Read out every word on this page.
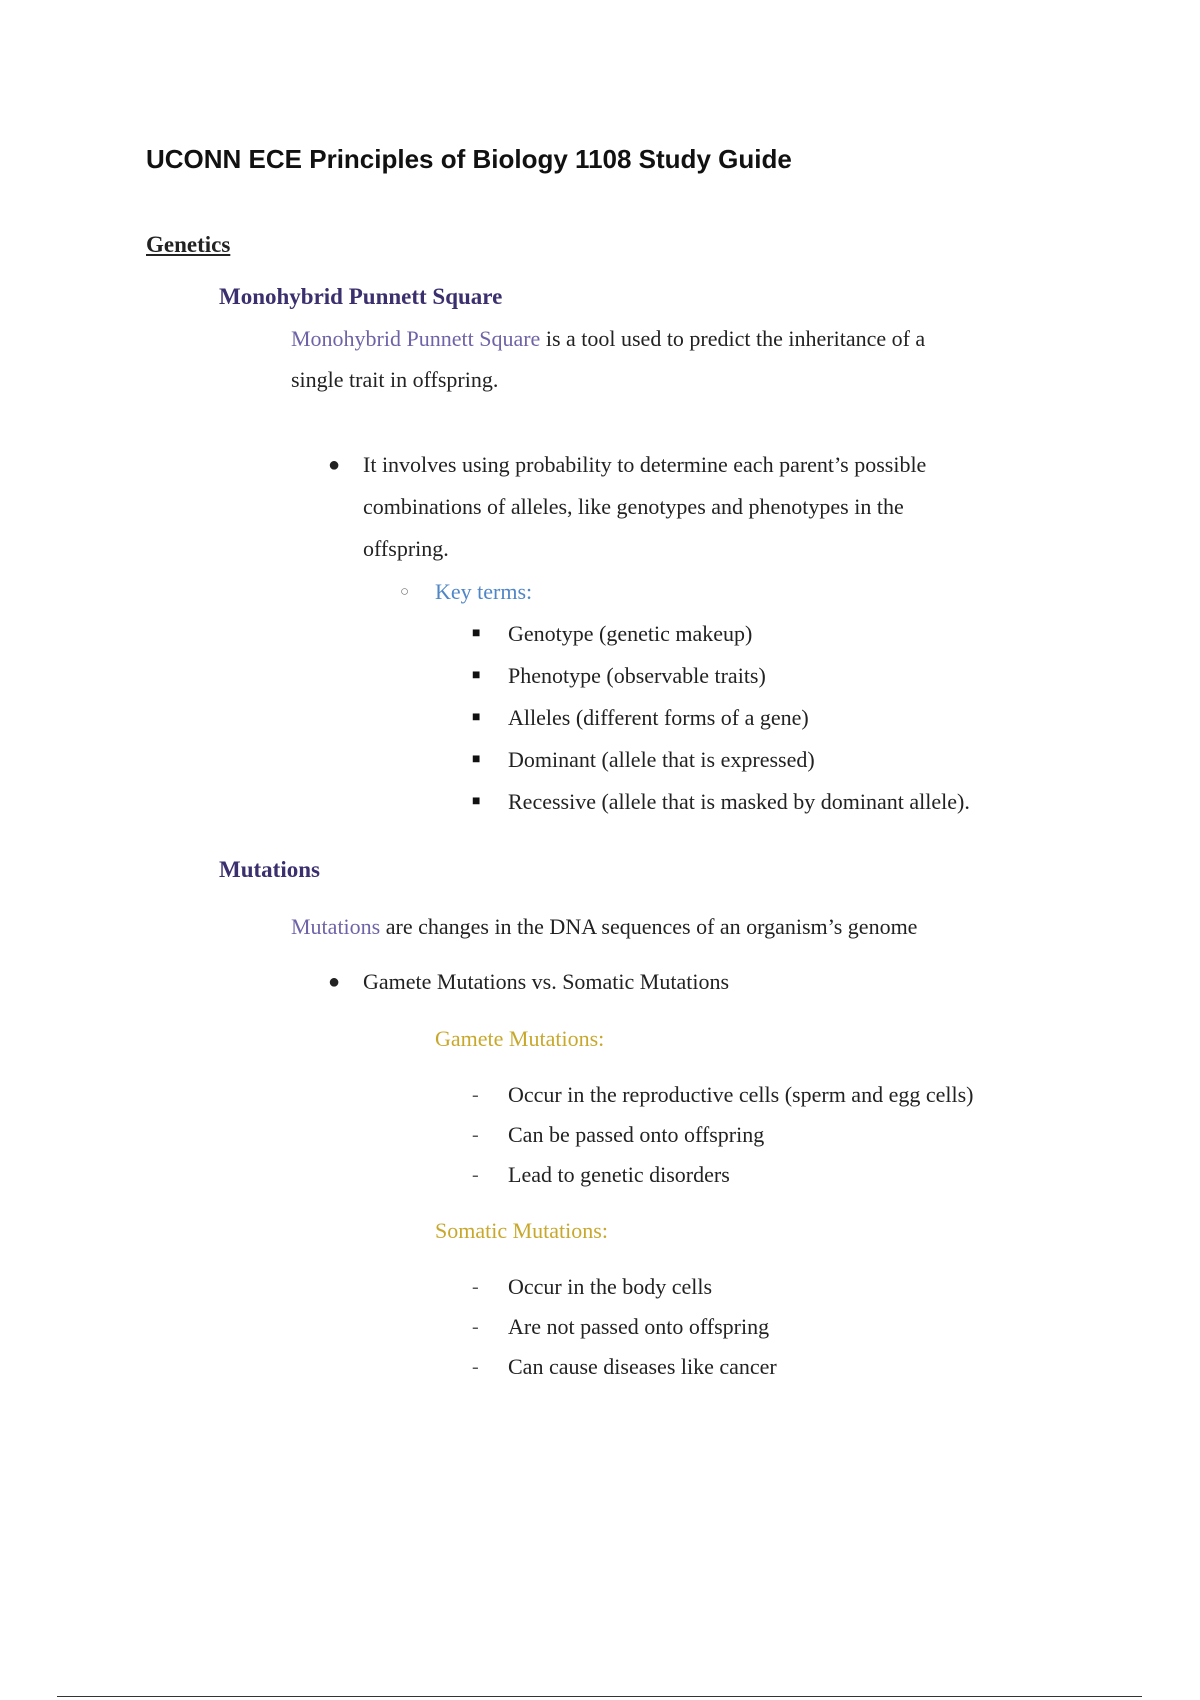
UCONN ECE Principles of Biology 1108 Study Guide
Genetics
Monohybrid Punnett Square

Monohybrid Punnett Square is a tool used to predict the inheritance of a
single trait in offspring.

● It involves using probability to determine each parent’s possible
combinations of alleles, like genotypes and phenotypes in the
offspring.
○ Key terms:
■ Genotype (genetic makeup)
■ Phenotype (observable traits)
■ Alleles (different forms of a gene)
■ Dominant (allele that is expressed)
■ Recessive (allele that is masked by dominant allele).
Mutations

Mutations are changes in the DNA sequences of an organism’s genome

● Gamete Mutations vs. Somatic Mutations

Gamete Mutations:

- Occur in the reproductive cells (sperm and egg cells)
- Can be passed onto offspring
- Lead to genetic disorders

Somatic Mutations:

- Occur in the body cells
- Are not passed onto offspring
- Can cause diseases like cancer
